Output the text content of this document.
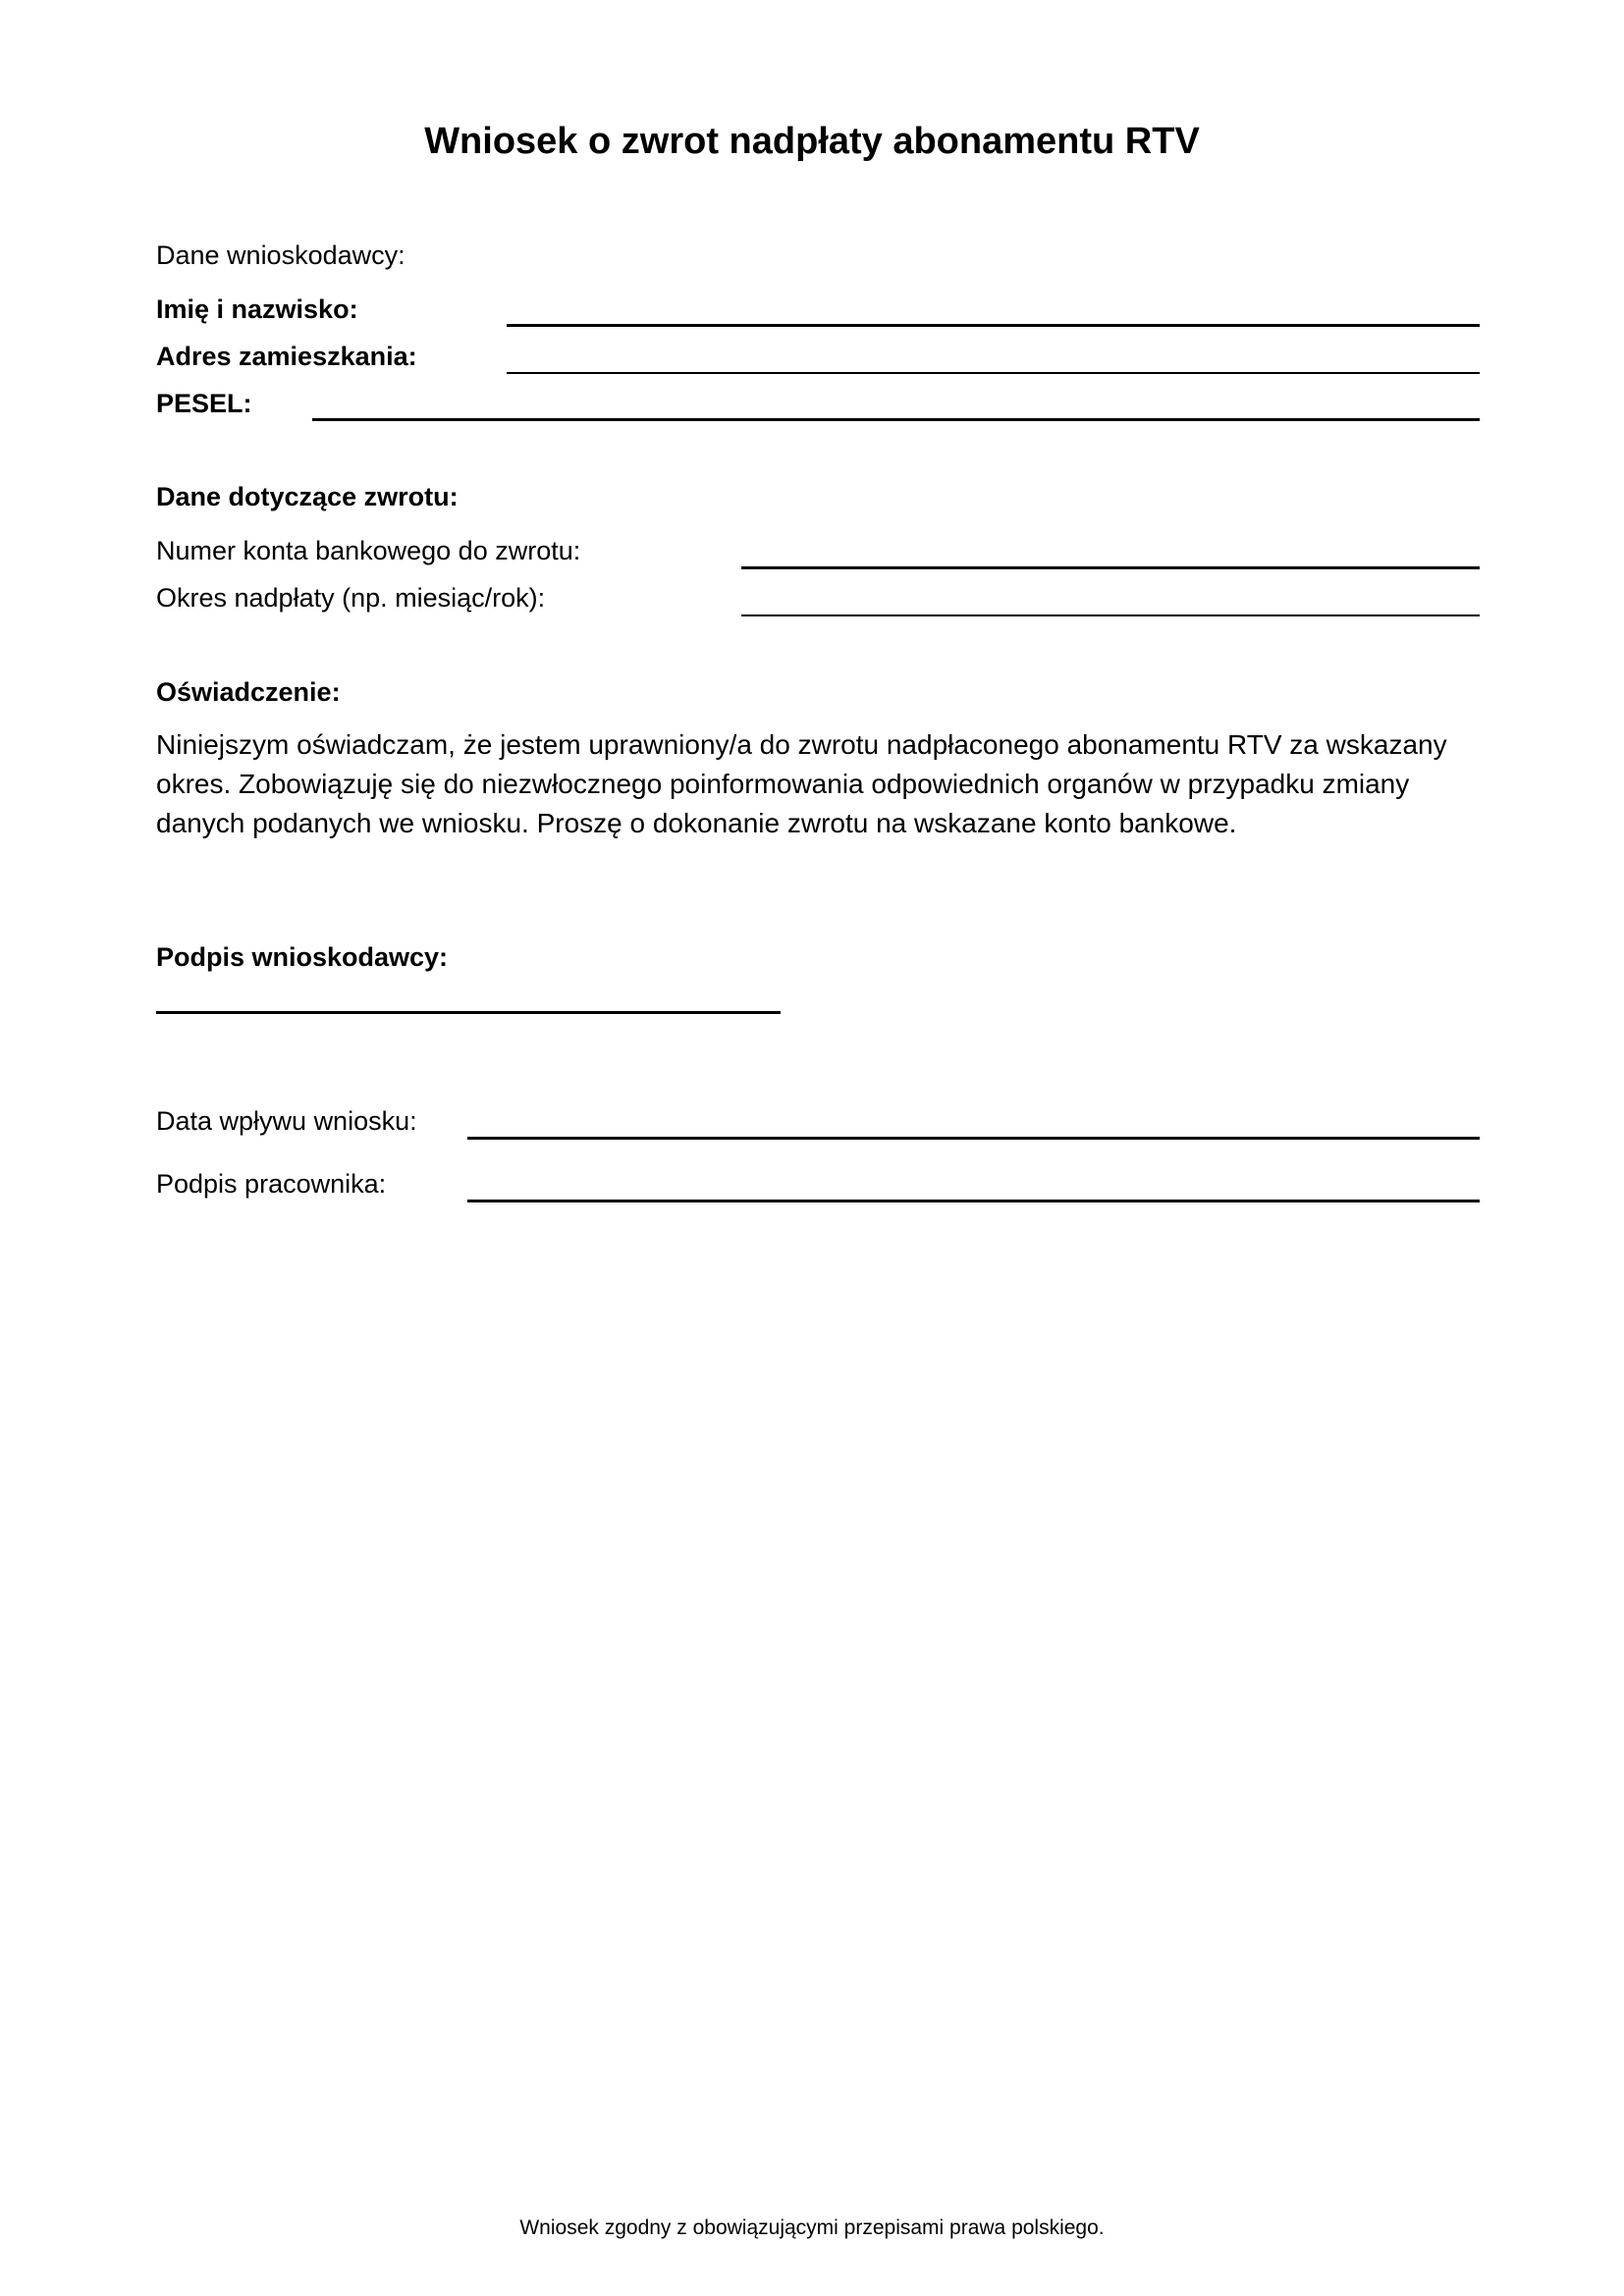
Wniosek o zwrot nadpłaty abonamentu RTV
Dane wnioskodawcy:
Imię i nazwisko:
Adres zamieszkania:
PESEL:
Dane dotyczące zwrotu:
Numer konta bankowego do zwrotu:
Okres nadpłaty (np. miesiąc/rok):
Oświadczenie:
Niniejszym oświadczam, że jestem uprawniony/a do zwrotu nadpłaconego abonamentu RTV za wskazany okres. Zobowiązuję się do niezwłocznego poinformowania odpowiednich organów w przypadku zmiany danych podanych we wniosku. Proszę o dokonanie zwrotu na wskazane konto bankowe.
Podpis wnioskodawcy:
Data wpływu wniosku:
Podpis pracownika:
Wniosek zgodny z obowiązującymi przepisami prawa polskiego.
